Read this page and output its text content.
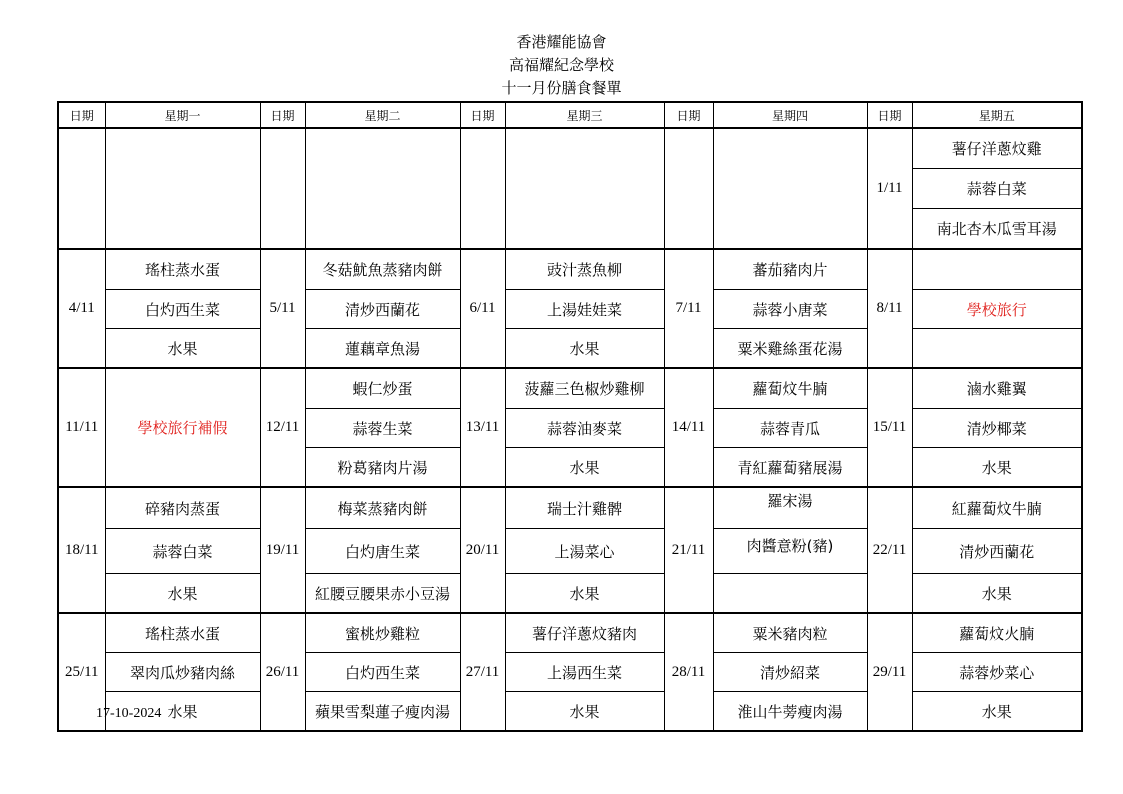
香港耀能協會
高福耀紀念學校
十一月份膳食餐單
日期	星期一	日期	星期二	日期	星期三	日期	星期四	日期	星期五
								1/11	薯仔洋蔥炆雞
									蒜蓉白菜
									南北杏木瓜雪耳湯
4/11	瑤柱蒸水蛋	5/11	冬菇魷魚蒸豬肉餅	6/11	豉汁蒸魚柳	7/11	蕃茄豬肉片	8/11	
	白灼西生菜		清炒西蘭花		上湯娃娃菜		蒜蓉小唐菜		學校旅行
	水果		蓮藕章魚湯		水果		粟米雞絲蛋花湯		
11/11	學校旅行補假	12/11	蝦仁炒蛋	13/11	菠蘿三色椒炒雞柳	14/11	蘿蔔炆牛腩	15/11	滷水雞翼
			蒜蓉生菜		蒜蓉油麥菜		蒜蓉青瓜		清炒椰菜
			粉葛豬肉片湯		水果		青紅蘿蔔豬展湯		水果
18/11	碎豬肉蒸蛋	19/11	梅菜蒸豬肉餅	20/11	瑞士汁雞髀	21/11	羅宋湯	22/11	紅蘿蔔炆牛腩
	蒜蓉白菜		白灼唐生菜		上湯菜心		肉醬意粉(豬)		清炒西蘭花
	水果		紅腰豆腰果赤小豆湯		水果				水果
25/11	瑤柱蒸水蛋	26/11	蜜桃炒雞粒	27/11	薯仔洋蔥炆豬肉	28/11	粟米豬肉粒	29/11	蘿蔔炆火腩
	翠肉瓜炒豬肉絲		白灼西生菜		上湯西生菜		清炒紹菜		蒜蓉炒菜心
	水果		蘋果雪梨蓮子瘦肉湯		水果		淮山牛蒡瘦肉湯		水果
17-10-2024
